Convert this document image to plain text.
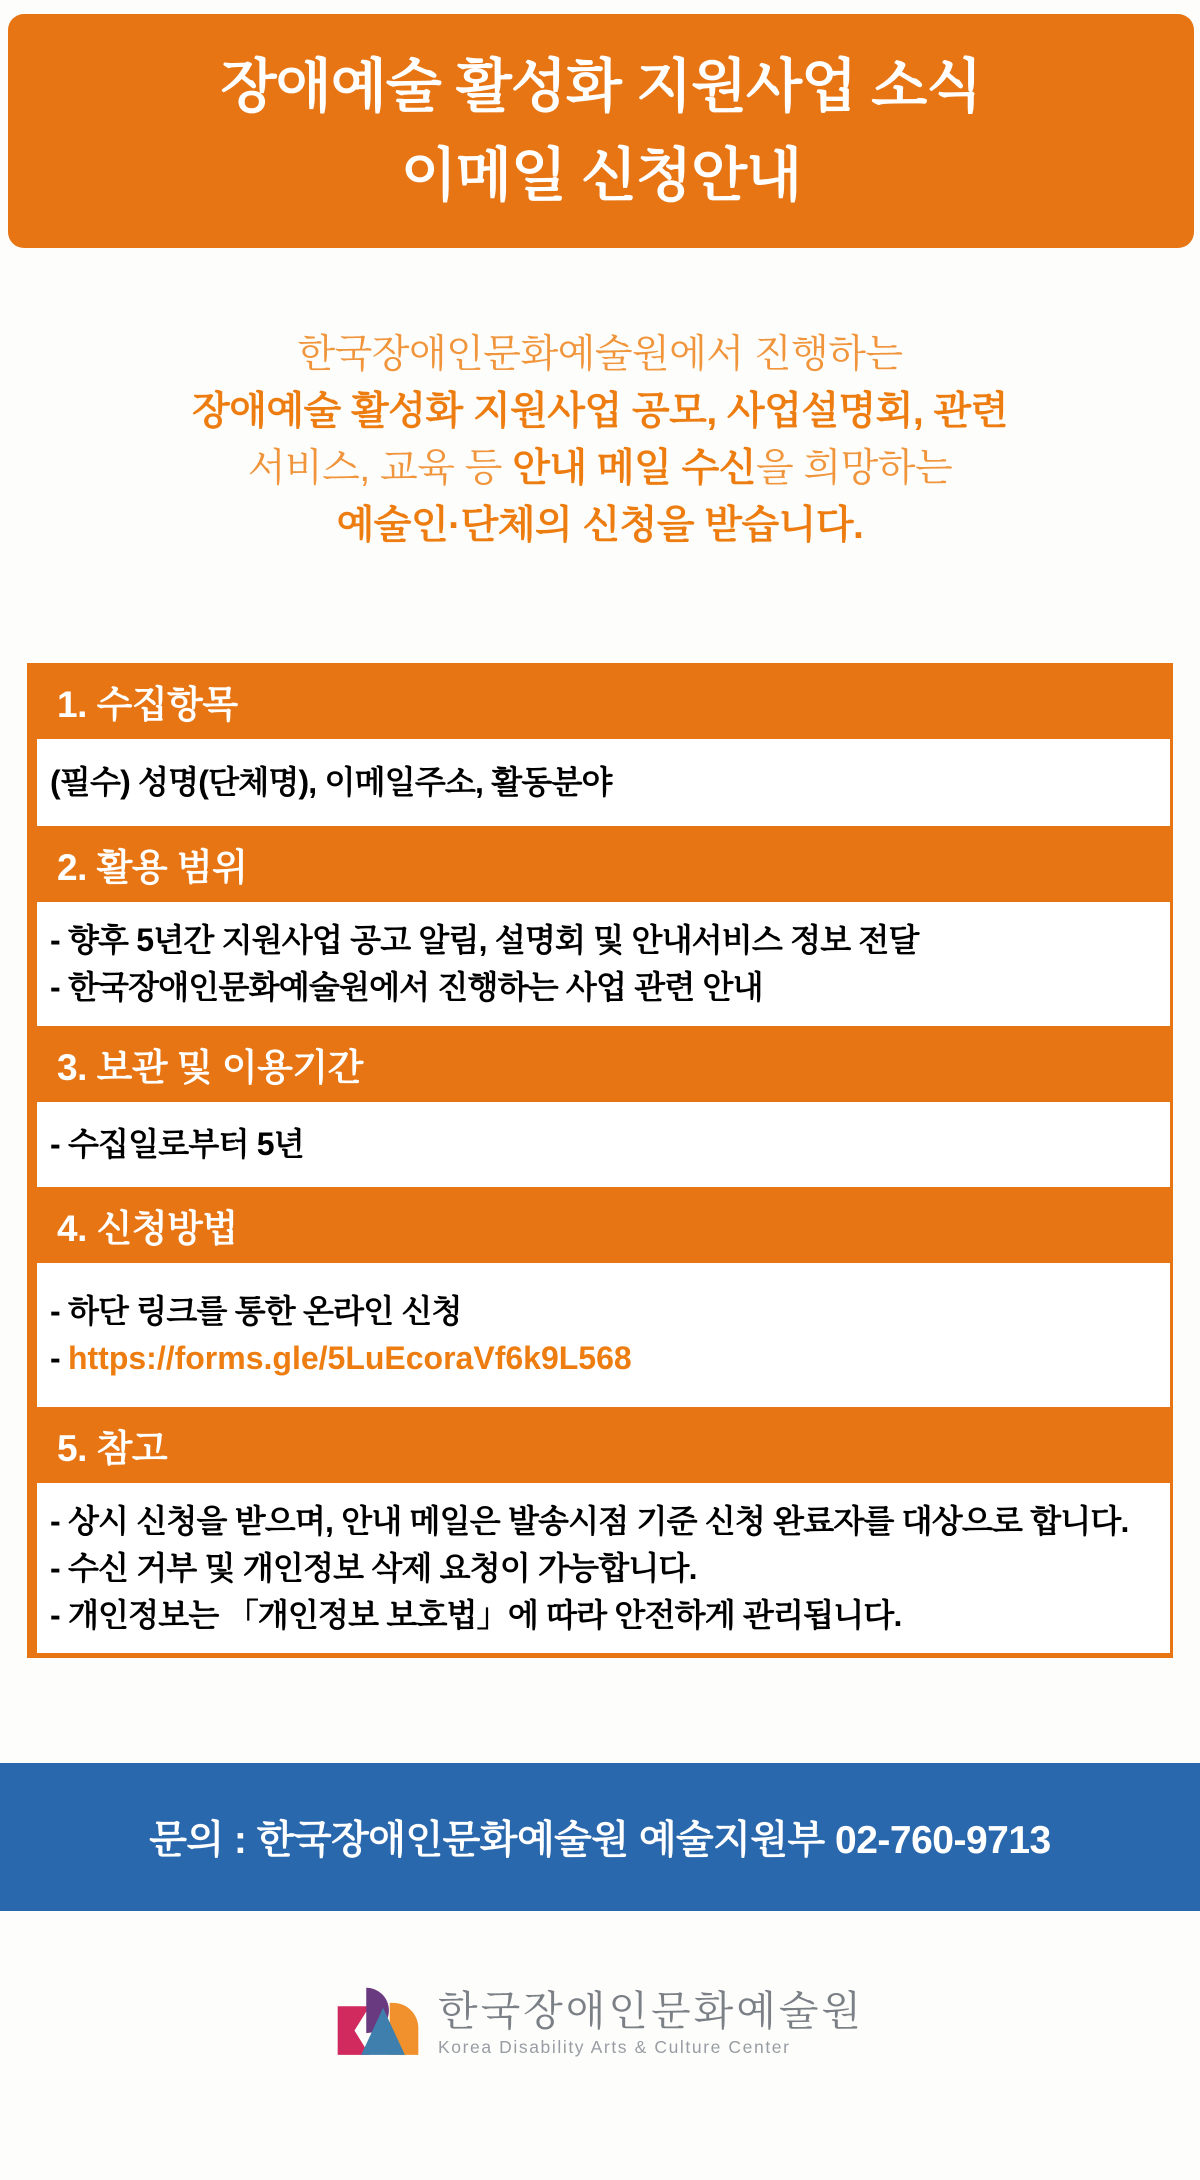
장애예술 활성화 지원사업 소식
이메일 신청안내
한국장애인문화예술원에서 진행하는
장애예술 활성화 지원사업 공모, 사업설명회, 관련
서비스, 교육 등 안내 메일 수신을 희망하는
예술인·단체의 신청을 받습니다.
1. 수집항목
(필수) 성명(단체명), 이메일주소, 활동분야
2. 활용 범위
- 향후 5년간 지원사업 공고 알림, 설명회 및 안내서비스 정보 전달
- 한국장애인문화예술원에서 진행하는 사업 관련 안내
3. 보관 및 이용기간
- 수집일로부터 5년
4. 신청방법
- 하단 링크를 통한 온라인 신청
- https://forms.gle/5LuEcoraVf6k9L568
5. 참고
- 상시 신청을 받으며, 안내 메일은 발송시점 기준 신청 완료자를 대상으로 합니다.
- 수신 거부 및 개인정보 삭제 요청이 가능합니다.
- 개인정보는 「개인정보 보호법」에 따라 안전하게 관리됩니다.
문의 : 한국장애인문화예술원 예술지원부 02-760-9713
한국장애인문화예술원
Korea Disability Arts & Culture Center
